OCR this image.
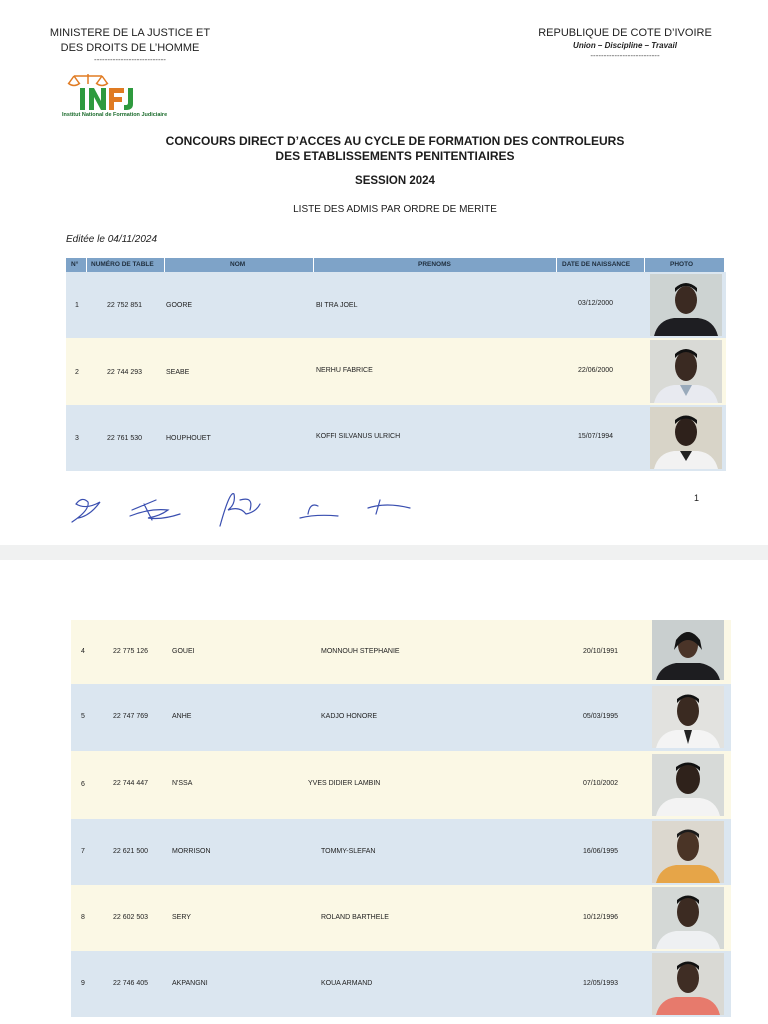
MINISTERE DE LA JUSTICE ET
DES DROITS DE L’HOMME
---------------------------
REPUBLIQUE DE COTE D’IVOIRE
Union – Discipline – Travail
--------------------------
Institut National de Formation Judiciaire
CONCOURS DIRECT D’ACCES AU CYCLE DE FORMATION DES CONTROLEURS
DES ETABLISSEMENTS PENITENTIAIRES
SESSION 2024
LISTE DES ADMIS PAR ORDRE DE MERITE
Editée le 04/11/2024
N° NUMÉRO DE TABLE	NOM	PRENOMS	DATE DE NAISSANCE	PHOTO
1	22 752 851	GOORE	BI TRA JOEL	03/12/2000
2	22 744 293	SEABE	NERHU FABRICE	22/06/2000
3	22 761 530	HOUPHOUET	KOFFI SILVANUS ULRICH	15/07/1994
1
4	22 775 126	GOUEI	MONNOUH STEPHANIE	20/10/1991
5	22 747 769	ANHE	KADJO HONORE	05/03/1995
6	22 744 447	N'SSA	YVES DIDIER LAMBIN	07/10/2002
7	22 621 500	MORRISON	TOMMY-SLEFAN	16/06/1995
8	22 602 503	SERY	ROLAND BARTHELE	10/12/1996
9	22 746 405	AKPANGNI	KOUA ARMAND	12/05/1993
